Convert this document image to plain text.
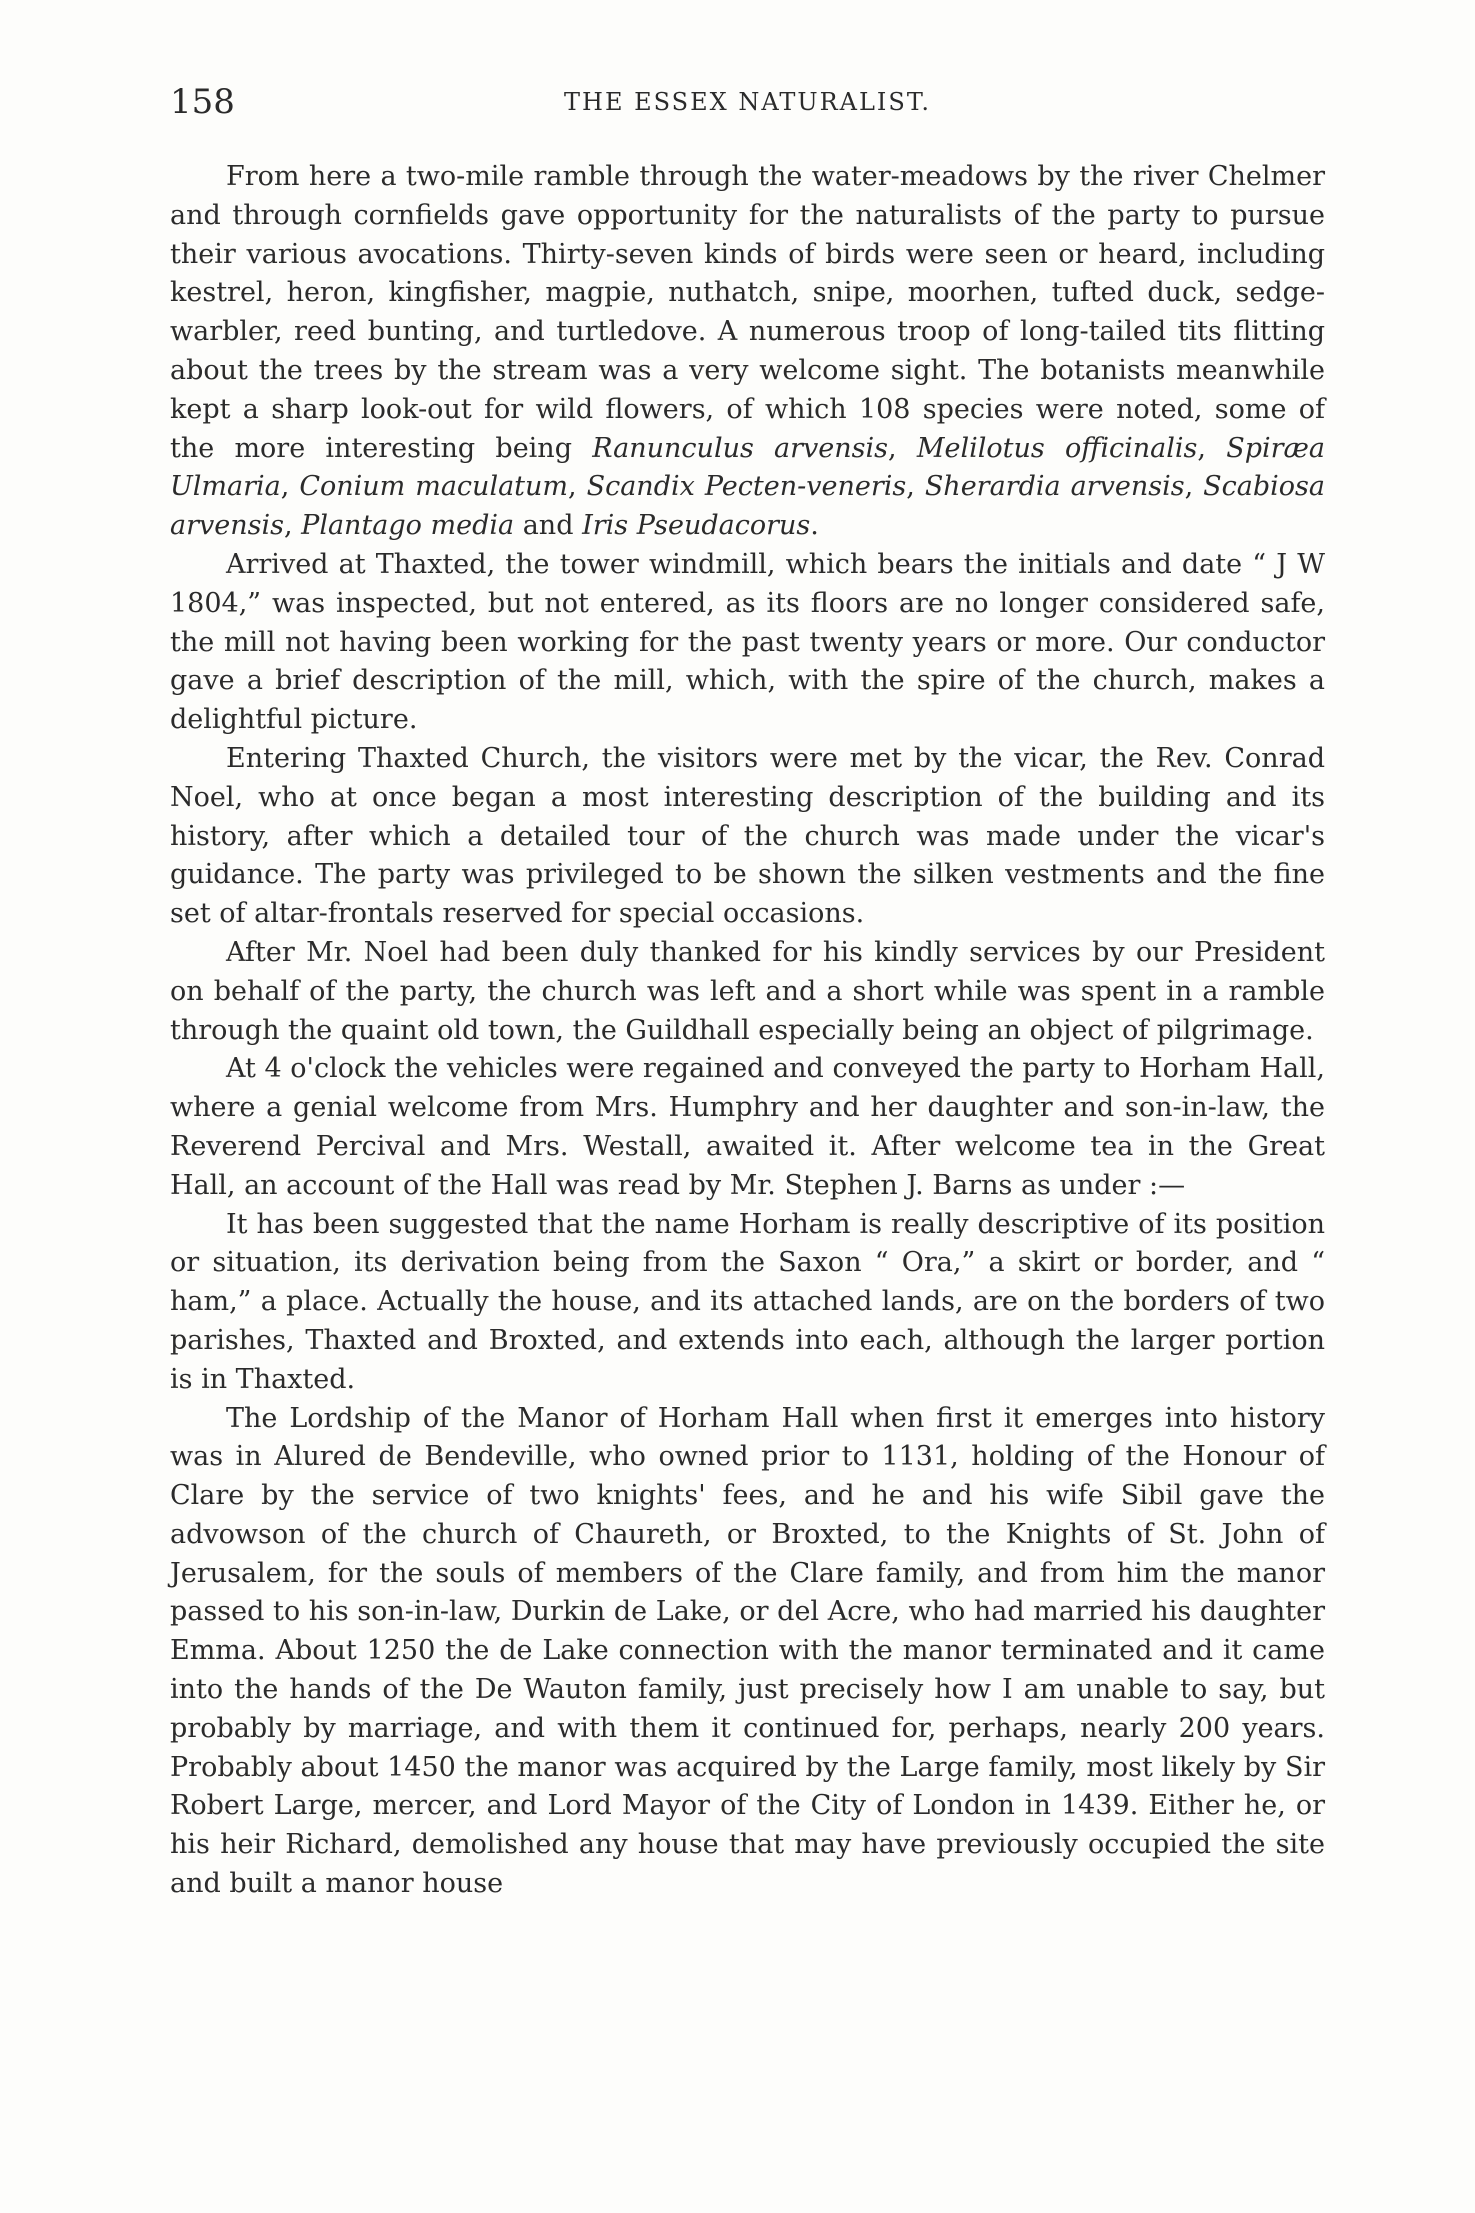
158	THE ESSEX NATURALIST.

From here a two-mile ramble through the water-meadows by the river Chelmer and through cornfields gave opportunity for the naturalists of the party to pursue their various avocations. Thirty-seven kinds of birds were seen or heard, including kestrel, heron, kingfisher, magpie, nuthatch, snipe, moorhen, tufted duck, sedge-warbler, reed bunting, and turtledove. A numerous troop of long-tailed tits flitting about the trees by the stream was a very welcome sight. The botanists meanwhile kept a sharp look-out for wild flowers, of which 108 species were noted, some of the more interesting being Ranunculus arvensis, Melilotus officinalis, Spiræa Ulmaria, Conium maculatum, Scandix Pecten-veneris, Sherardia arvensis, Scabiosa arvensis, Plantago media and Iris Pseudacorus.

Arrived at Thaxted, the tower windmill, which bears the initials and date “ J W 1804,” was inspected, but not entered, as its floors are no longer considered safe, the mill not having been working for the past twenty years or more. Our conductor gave a brief description of the mill, which, with the spire of the church, makes a delightful picture.

Entering Thaxted Church, the visitors were met by the vicar, the Rev. Conrad Noel, who at once began a most interesting description of the building and its history, after which a detailed tour of the church was made under the vicar's guidance. The party was privileged to be shown the silken vestments and the fine set of altar-frontals reserved for special occasions.

After Mr. Noel had been duly thanked for his kindly services by our President on behalf of the party, the church was left and a short while was spent in a ramble through the quaint old town, the Guildhall especially being an object of pilgrimage.

At 4 o'clock the vehicles were regained and conveyed the party to Horham Hall, where a genial welcome from Mrs. Humphry and her daughter and son-in-law, the Reverend Percival and Mrs. Westall, awaited it. After welcome tea in the Great Hall, an account of the Hall was read by Mr. Stephen J. Barns as under :—

It has been suggested that the name Horham is really descriptive of its position or situation, its derivation being from the Saxon “ Ora,” a skirt or border, and “ ham,” a place. Actually the house, and its attached lands, are on the borders of two parishes, Thaxted and Broxted, and extends into each, although the larger portion is in Thaxted.

The Lordship of the Manor of Horham Hall when first it emerges into history was in Alured de Bendeville, who owned prior to 1131, holding of the Honour of Clare by the service of two knights' fees, and he and his wife Sibil gave the advowson of the church of Chaureth, or Broxted, to the Knights of St. John of Jerusalem, for the souls of members of the Clare family, and from him the manor passed to his son-in-law, Durkin de Lake, or del Acre, who had married his daughter Emma. About 1250 the de Lake connection with the manor terminated and it came into the hands of the De Wauton family, just precisely how I am unable to say, but probably by marriage, and with them it continued for, perhaps, nearly 200 years. Probably about 1450 the manor was acquired by the Large family, most likely by Sir Robert Large, mercer, and Lord Mayor of the City of London in 1439. Either he, or his heir Richard, demolished any house that may have previously occupied the site and built a manor house
